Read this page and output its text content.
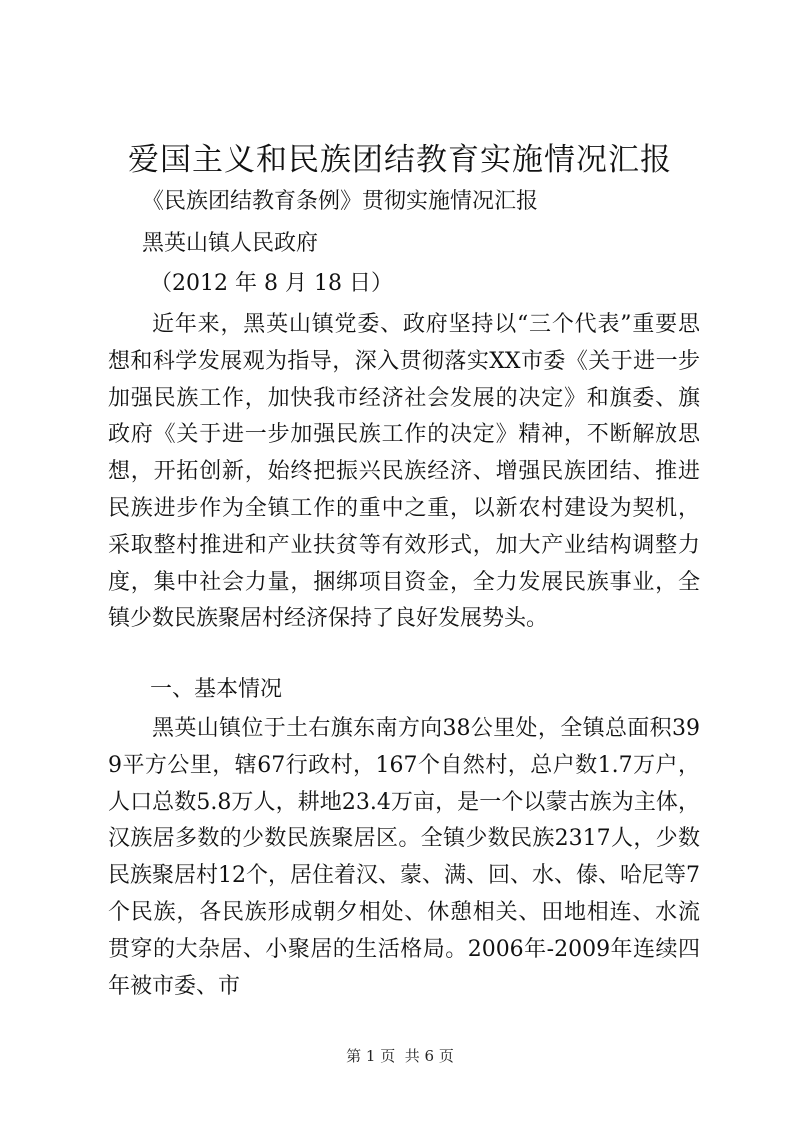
爱国主义和民族团结教育实施情况汇报

《民族团结教育条例》贯彻实施情况汇报

黑英山镇人民政府

（2012 年 8 月 18 日）

近年来，黑英山镇党委、政府坚持以“三个代表”重要思想和科学发展观为指导，深入贯彻落实XX市委《关于进一步加强民族工作，加快我市经济社会发展的决定》和旗委、旗政府《关于进一步加强民族工作的决定》精神，不断解放思想，开拓创新，始终把振兴民族经济、增强民族团结、推进民族进步作为全镇工作的重中之重，以新农村建设为契机，采取整村推进和产业扶贫等有效形式，加大产业结构调整力度，集中社会力量，捆绑项目资金，全力发展民族事业，全镇少数民族聚居村经济保持了良好发展势头。

一、基本情况

黑英山镇位于土右旗东南方向38公里处，全镇总面积399平方公里，辖67行政村，167个自然村，总户数1.7万户，人口总数5.8万人，耕地23.4万亩，是一个以蒙古族为主体，汉族居多数的少数民族聚居区。全镇少数民族2317人，少数民族聚居村12个，居住着汉、蒙、满、回、水、傣、哈尼等7个民族，各民族形成朝夕相处、休憩相关、田地相连、水流贯穿的大杂居、小聚居的生活格局。2006年-2009年连续四年被市委、市

第 1 页  共 6 页
